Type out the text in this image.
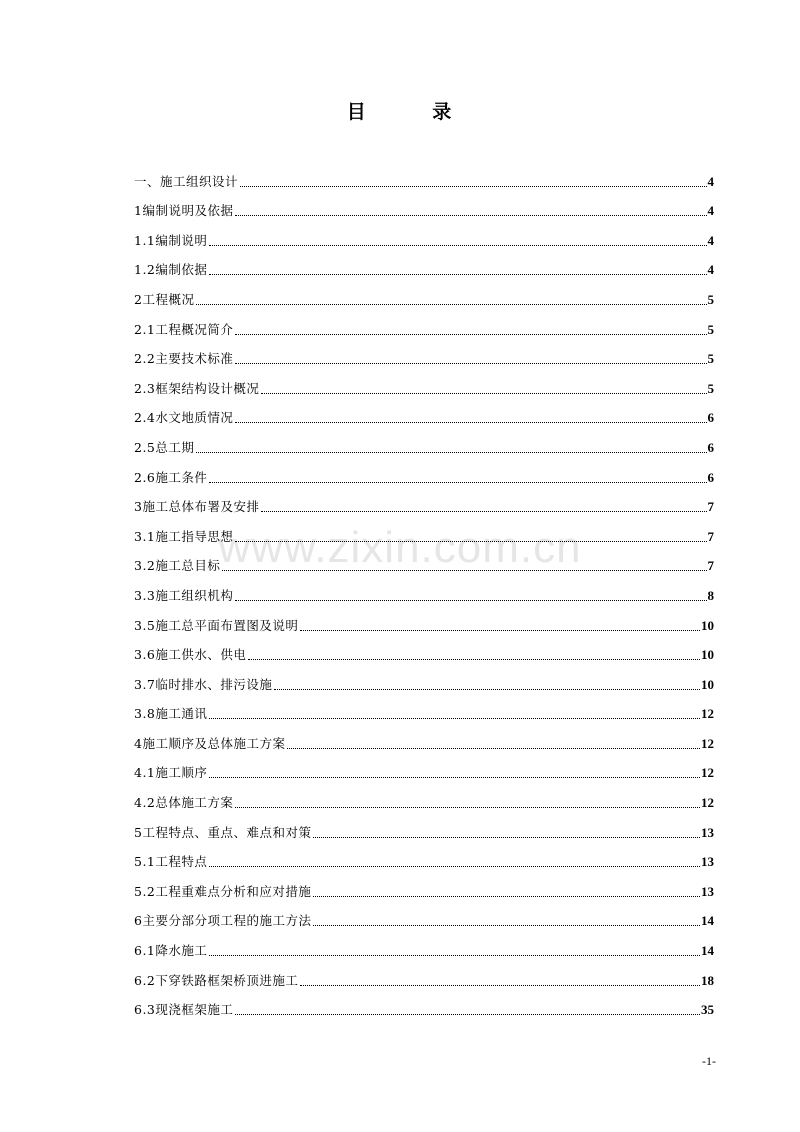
目 录
www.zixin.com.cn
一、施工组织设计	4
1编制说明及依据	4
1.1编制说明	4
1.2编制依据	4
2工程概况	5
2.1工程概况简介	5
2.2主要技术标准	5
2.3框架结构设计概况	5
2.4水文地质情况	6
2.5总工期	6
2.6施工条件	6
3施工总体布署及安排	7
3.1施工指导思想	7
3.2施工总目标	7
3.3施工组织机构	8
3.5施工总平面布置图及说明	10
3.6施工供水、供电	10
3.7临时排水、排污设施	10
3.8施工通讯	12
4施工顺序及总体施工方案	12
4.1施工顺序	12
4.2总体施工方案	12
5工程特点、重点、难点和对策	13
5.1工程特点	13
5.2工程重难点分析和应对措施	13
6主要分部分项工程的施工方法	14
6.1降水施工	14
6.2下穿铁路框架桥顶进施工	18
6.3现浇框架施工	35
-1-
